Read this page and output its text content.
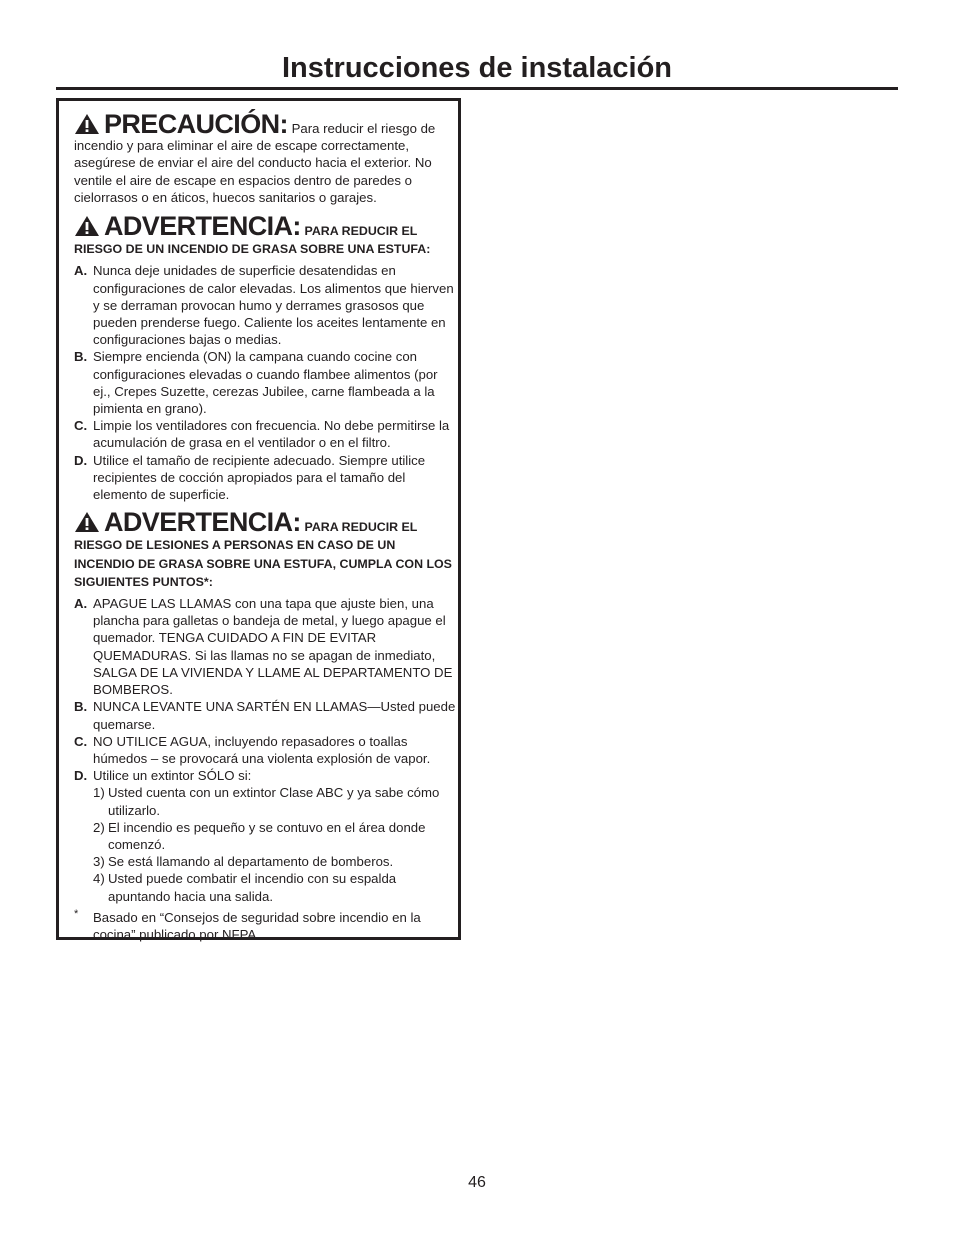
Instrucciones de instalación

PRECAUCIÓN: Para reducir el riesgo de incendio y para eliminar el aire de escape correctamente, asegúrese de enviar el aire del conducto hacia el exterior. No ventile el aire de escape en espacios dentro de paredes o cielorrasos o en áticos, huecos sanitarios o garajes.

ADVERTENCIA: PARA REDUCIR EL RIESGO DE UN INCENDIO DE GRASA SOBRE UNA ESTUFA:

A. Nunca deje unidades de superficie desatendidas en configuraciones de calor elevadas. Los alimentos que hierven y se derraman provocan humo y derrames grasosos que pueden prenderse fuego. Caliente los aceites lentamente en configuraciones bajas o medias.
B. Siempre encienda (ON) la campana cuando cocine con configuraciones elevadas o cuando flambee alimentos (por ej., Crepes Suzette, cerezas Jubilee, carne flambeada a la pimienta en grano).
C. Limpie los ventiladores con frecuencia. No debe permitirse la acumulación de grasa en el ventilador o en el filtro.
D. Utilice el tamaño de recipiente adecuado. Siempre utilice recipientes de cocción apropiados para el tamaño del elemento de superficie.

ADVERTENCIA: PARA REDUCIR EL RIESGO DE LESIONES A PERSONAS EN CASO DE UN INCENDIO DE GRASA SOBRE UNA ESTUFA, CUMPLA CON LOS SIGUIENTES PUNTOS*:

A. APAGUE LAS LLAMAS con una tapa que ajuste bien, una plancha para galletas o bandeja de metal, y luego apague el quemador. TENGA CUIDADO A FIN DE EVITAR QUEMADURAS. Si las llamas no se apagan de inmediato, SALGA DE LA VIVIENDA Y LLAME AL DEPARTAMENTO DE BOMBEROS.
B. NUNCA LEVANTE UNA SARTÉN EN LLAMAS—Usted puede quemarse.
C. NO UTILICE AGUA, incluyendo repasadores o toallas húmedos – se provocará una violenta explosión de vapor.
D. Utilice un extintor SÓLO si:
1) Usted cuenta con un extintor Clase ABC y ya sabe cómo utilizarlo.
2) El incendio es pequeño y se contuvo en el área donde comenzó.
3) Se está llamando al departamento de bomberos.
4) Usted puede combatir el incendio con su espalda apuntando hacia una salida.
* Basado en “Consejos de seguridad sobre incendio en la cocina” publicado por NFPA.
46
